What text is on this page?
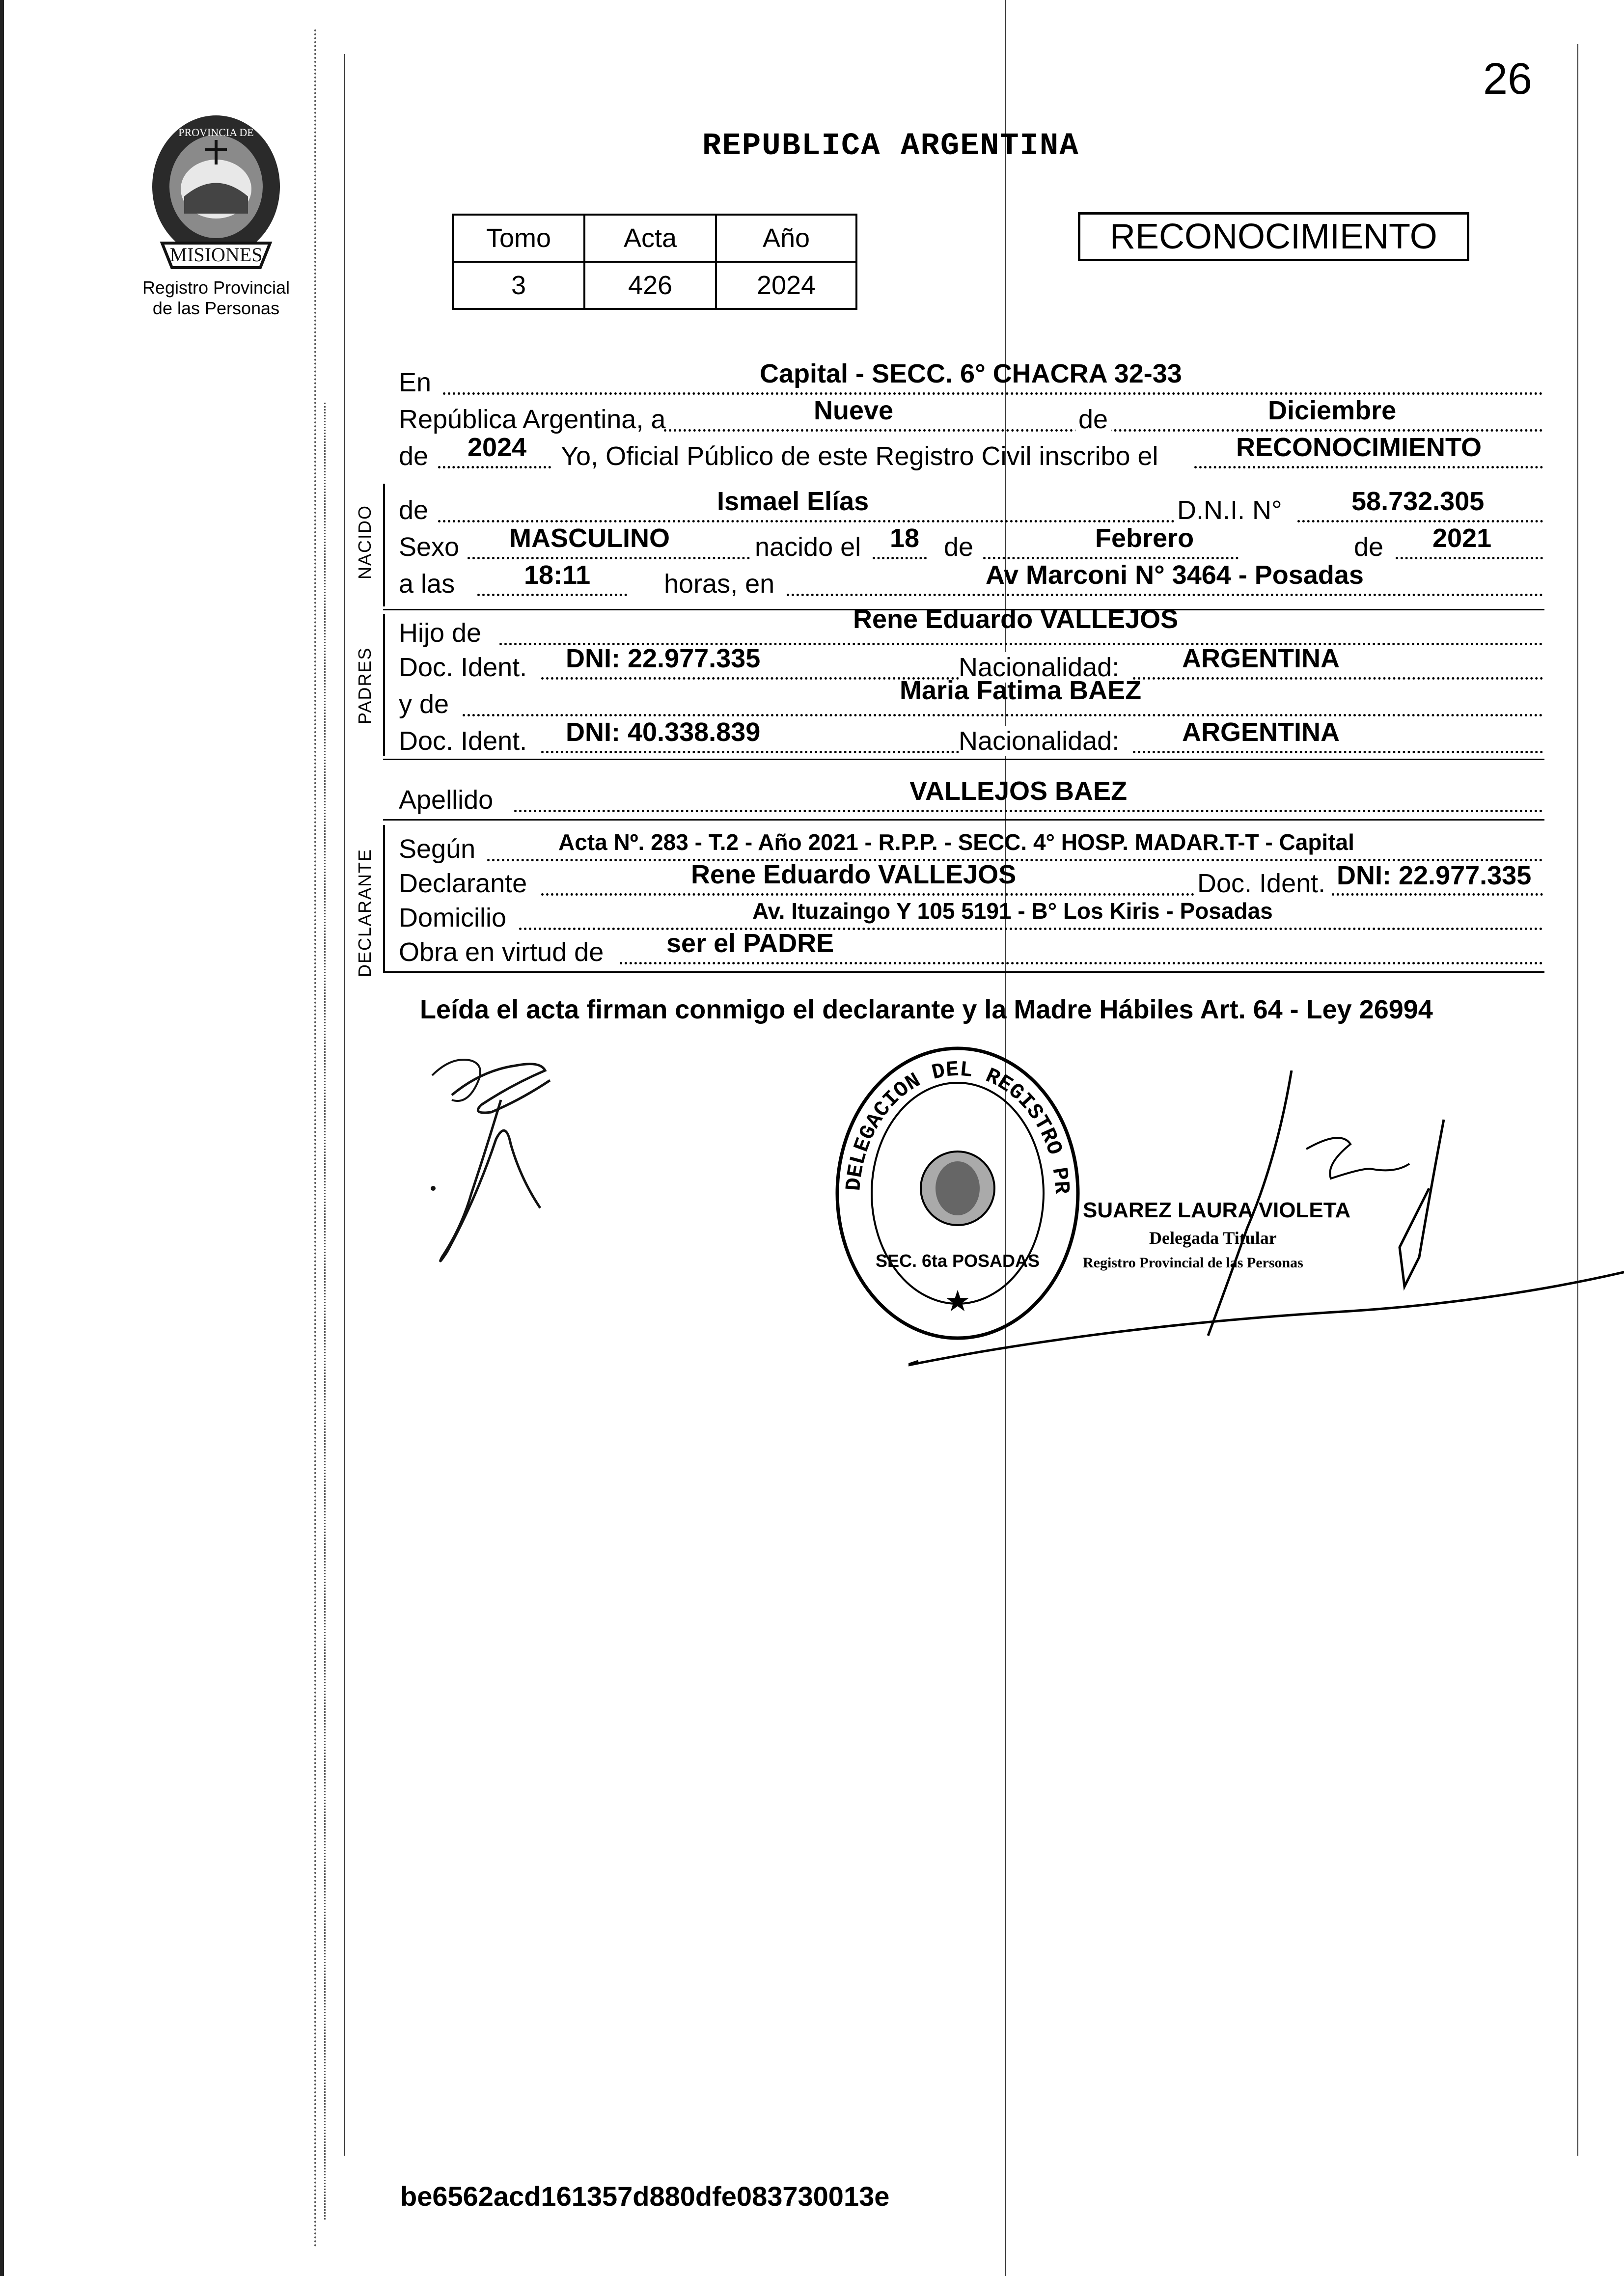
26
PROVINCIA DE
MISIONES
Registro Provincial
de las Personas
REPUBLICA ARGENTINA
Tomo	Acta	Año
3	426	2024
RECONOCIMIENTO
En	Capital - SECC. 6° CHACRA 32-33
República Argentina, a	Nueve	de	Diciembre
de 2024 Yo, Oficial Público de este Registro Civil inscribo el	RECONOCIMIENTO
NACIDO de	Ismael Elías	D.N.I. N°	58.732.305
Sexo MASCULINO	nacido el 18 de	Febrero	de 2021
a las	18:11	horas, en	Av Marconi N° 3464 - Posadas
PADRES
Hijo de	Rene Eduardo VALLEJOS
Doc. Ident. DNI: 22.977.335	Nacionalidad: ARGENTINA
y de	Maria Fatima BAEZ
Doc. Ident. DNI: 40.338.839	Nacionalidad: ARGENTINA
Apellido	VALLEJOS BAEZ
DECLARANTE Según	Acta Nº. 283 - T.2 - Año 2021 - R.P.P. - SECC. 4° HOSP. MADAR.T-T - Capital
Declarante	Rene Eduardo VALLEJOS	Doc. Ident. DNI: 22.977.335
Domicilio	Av. Ituzaingo Y 105 5191 - B° Los Kiris - Posadas
Obra en virtud de ser el PADRE
Leída el acta firman conmigo el declarante y la Madre Hábiles Art. 64 - Ley 26994
DELEGACION DEL REGISTRO PR
SEC. 6ta POSADAS
★
SUAREZ LAURA VIOLETA
Delegada Titular
Registro Provincial de las Personas
be6562acd161357d880dfe083730013e
